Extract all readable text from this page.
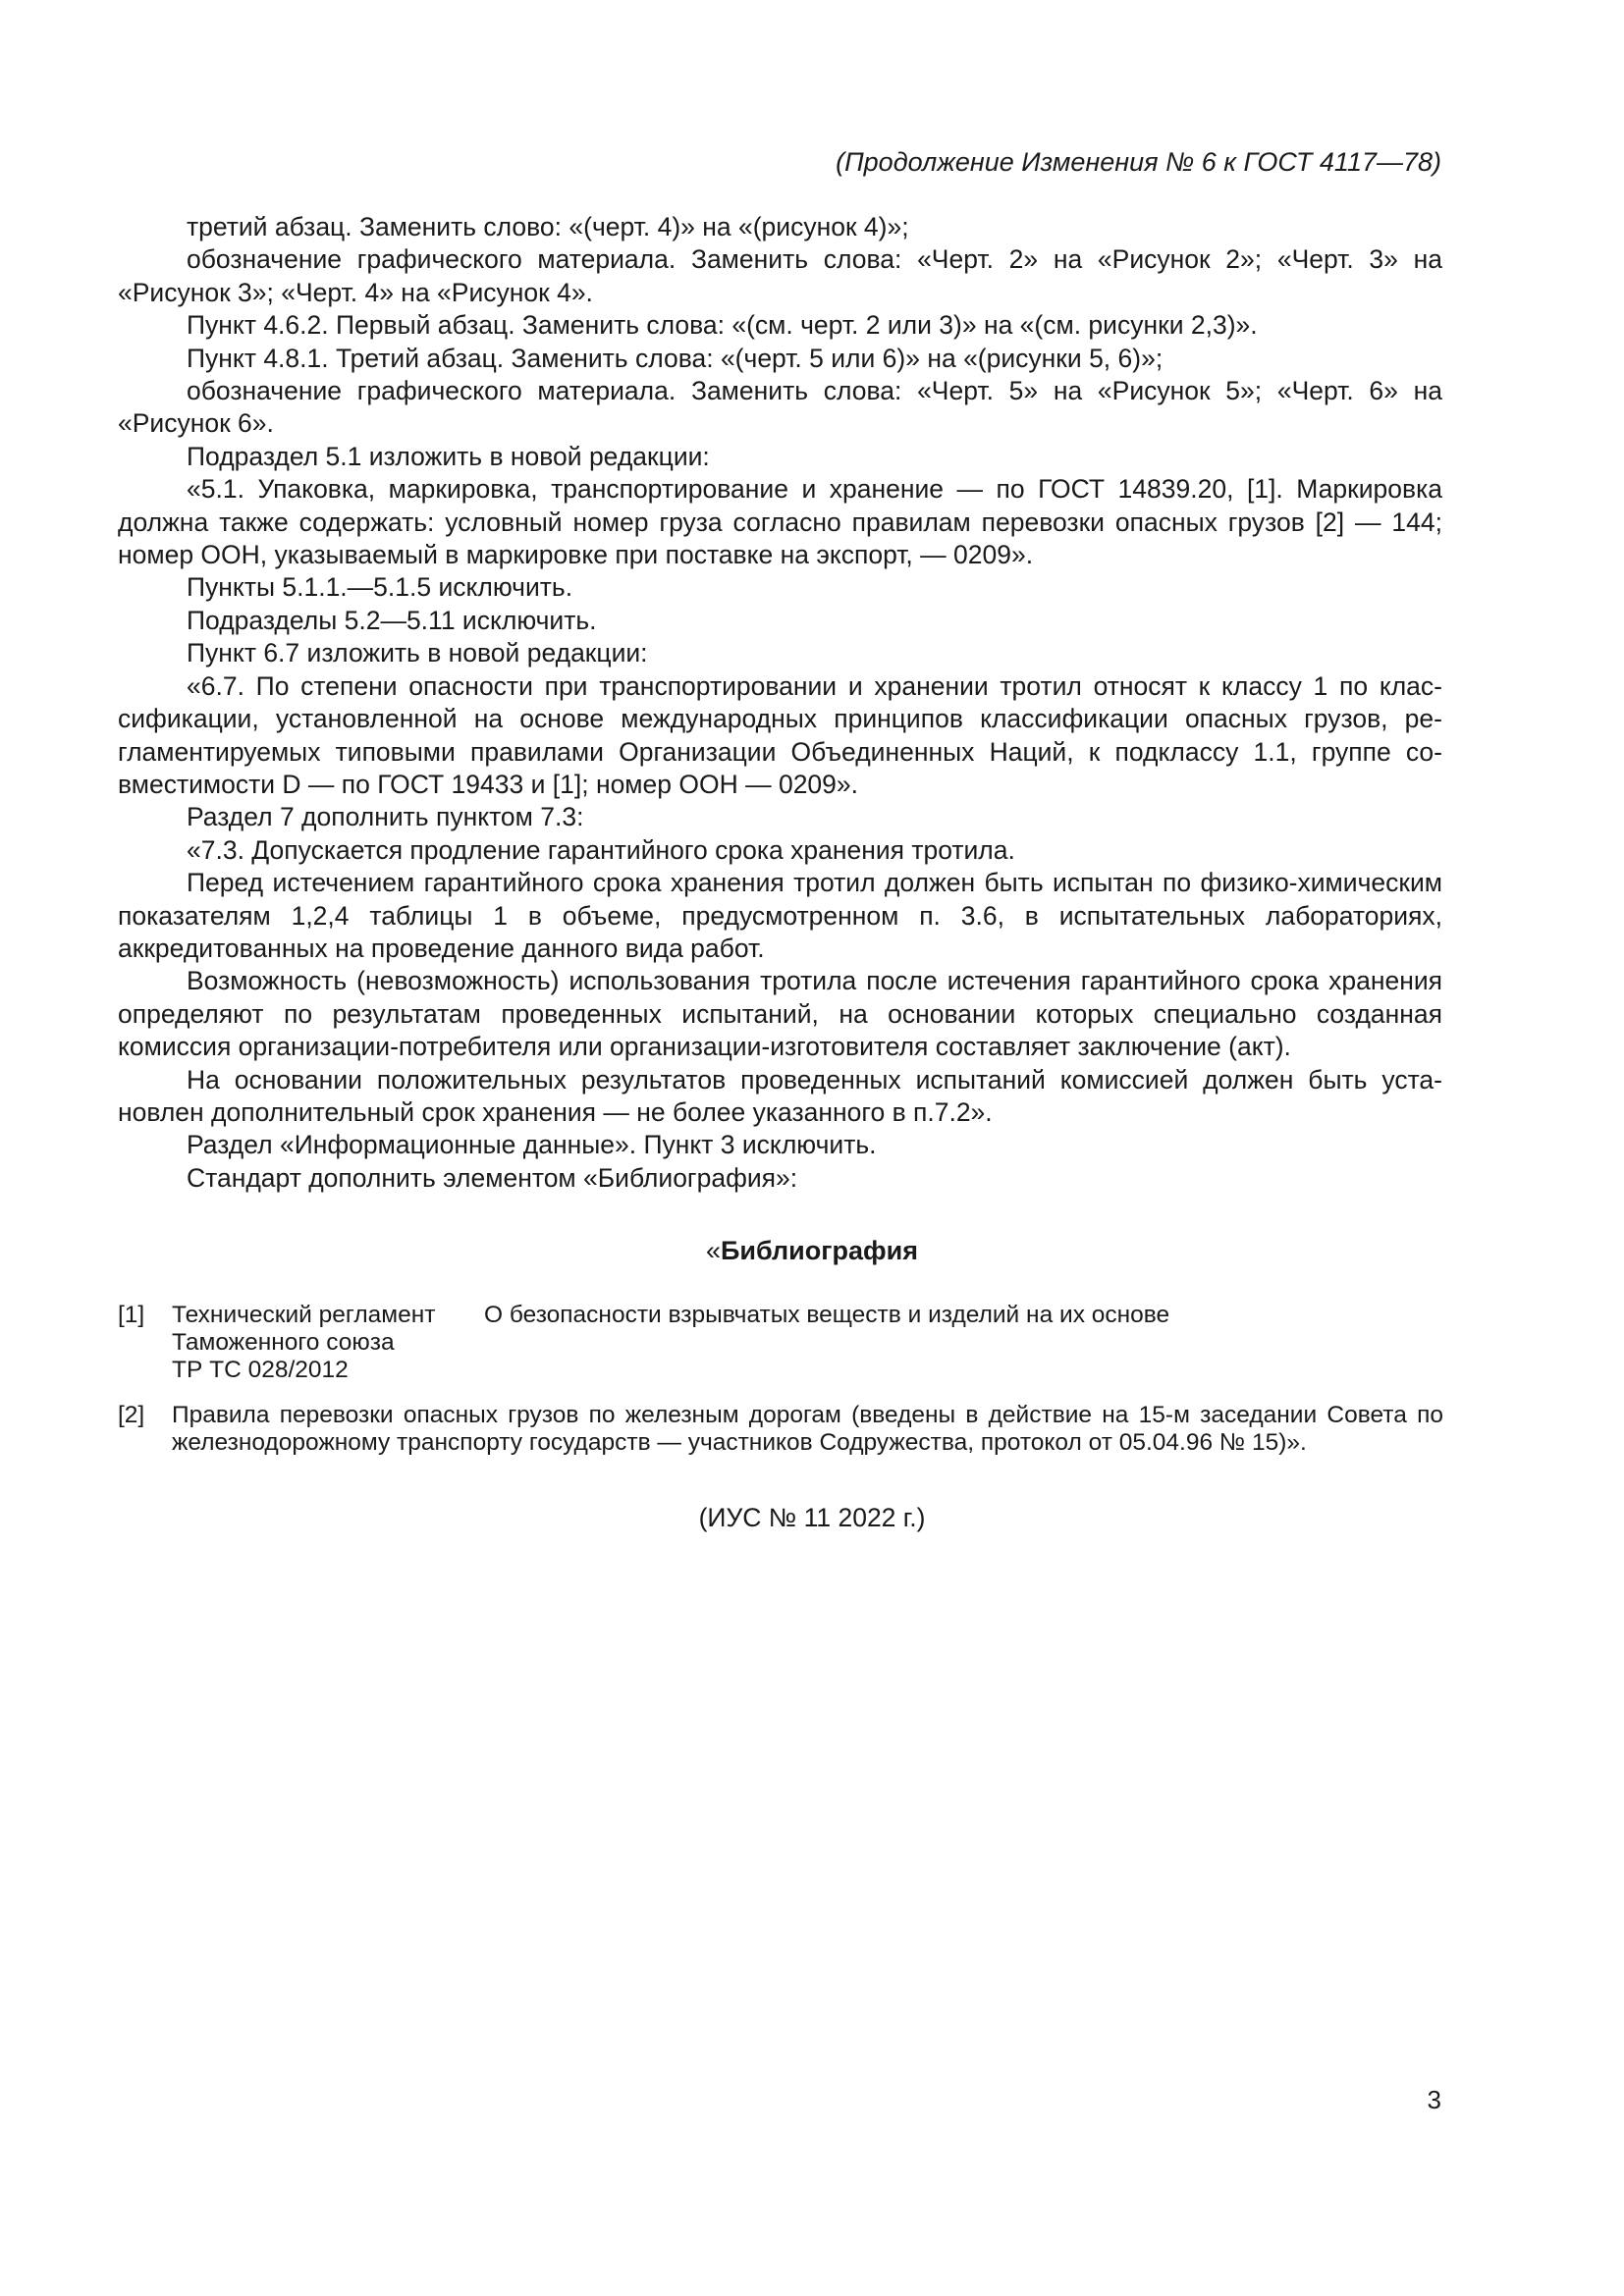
(Продолжение Изменения № 6 к ГОСТ 4117—78)

третий абзац. Заменить слово: «(черт. 4)» на «(рисунок 4)»;

обозначение графического материала. Заменить слова: «Черт. 2» на «Рисунок 2»; «Черт. 3» на «Рисунок 3»; «Черт. 4» на «Рисунок 4».

Пункт 4.6.2. Первый абзац. Заменить слова: «(см. черт. 2 или 3)» на «(см. рисунки 2,3)».

Пункт 4.8.1. Третий абзац. Заменить слова: «(черт. 5 или 6)» на «(рисунки 5, 6)»;

обозначение графического материала. Заменить слова: «Черт. 5» на «Рисунок 5»; «Черт. 6» на «Рисунок 6».

Подраздел 5.1 изложить в новой редакции:

«5.1. Упаковка, маркировка, транспортирование и хранение — по ГОСТ 14839.20, [1]. Маркировка должна также содержать: условный номер груза согласно правилам перевозки опасных грузов [2] — 144; номер ООН, указываемый в маркировке при поставке на экспорт, — 0209».

Пункты 5.1.1.—5.1.5 исключить.

Подразделы 5.2—5.11 исключить.

Пункт 6.7 изложить в новой редакции:

«6.7. По степени опасности при транспортировании и хранении тротил относят к классу 1 по классификации, установленной на основе международных принципов классификации опасных грузов, регламентируемых типовыми правилами Организации Объединенных Наций, к подклассу 1.1, группе совместимости D — по ГОСТ 19433 и [1]; номер ООН — 0209».

Раздел 7 дополнить пунктом 7.3:

«7.3. Допускается продление гарантийного срока хранения тротила.

Перед истечением гарантийного срока хранения тротил должен быть испытан по физико-химическим показателям 1,2,4 таблицы 1 в объеме, предусмотренном п. 3.6, в испытательных лабораториях, аккредитованных на проведение данного вида работ.

Возможность (невозможность) использования тротила после истечения гарантийного срока хранения определяют по результатам проведенных испытаний, на основании которых специально созданная комиссия организации-потребителя или организации-изготовителя составляет заключение (акт).

На основании положительных результатов проведенных испытаний комиссией должен быть установлен дополнительный срок хранения — не более указанного в п.7.2».

Раздел «Информационные данные». Пункт 3 исключить.

Стандарт дополнить элементом «Библиография»:

«Библиография
[1] Технический регламент
Таможенного союза
ТР ТС 028/2012
О безопасности взрывчатых веществ и изделий на их основе
[2] Правила перевозки опасных грузов по железным дорогам (введены в действие на 15-м заседании Совета по железнодорожному транспорту государств — участников Содружества, протокол от 05.04.96 № 15)».
(ИУС № 11 2022 г.)
3
